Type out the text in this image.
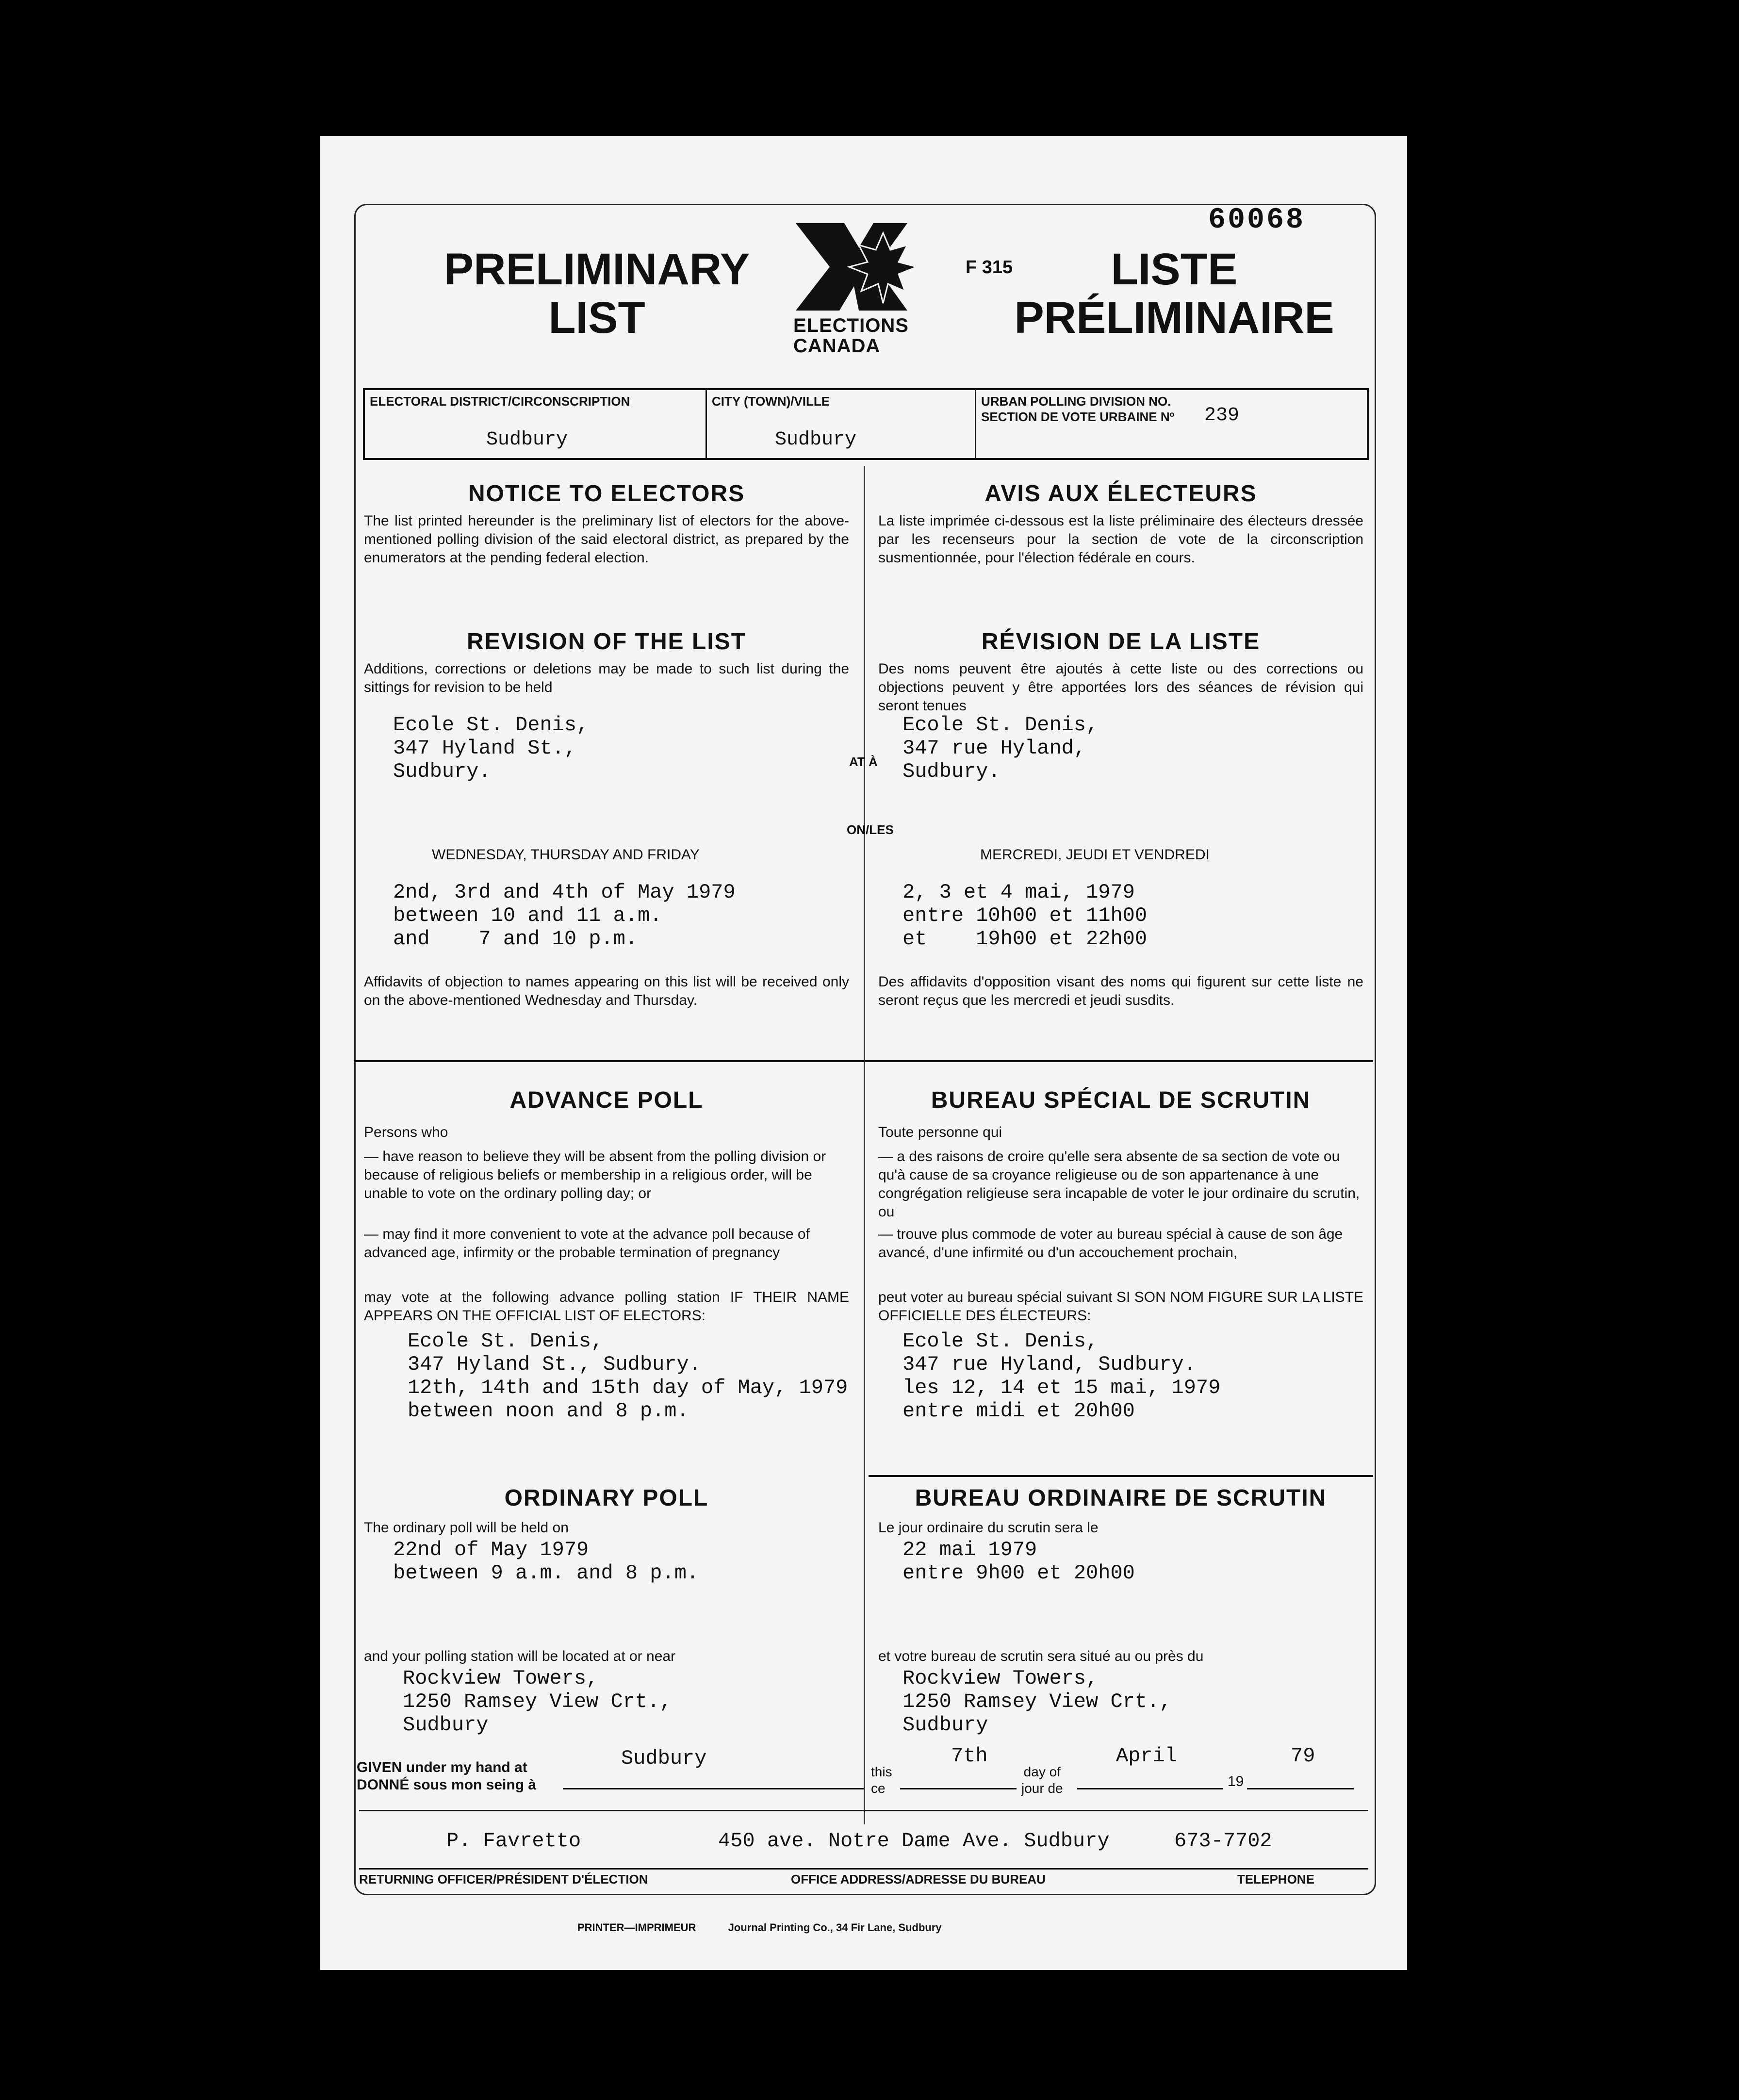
60068
PRELIMINARY
LIST	ELECTIONS
CANADA
F 315	LISTE
PRÉLIMINAIRE
ELECTORAL DISTRICT/CIRCONSCRIPTION
Sudbury
CITY (TOWN)/VILLE
Sudbury
URBAN POLLING DIVISION NO.
SECTION DE VOTE URBAINE Nº 239
NOTICE TO ELECTORS
The list printed hereunder is the preliminary list of electors for the above-mentioned polling division of the said electoral district, as prepared by the enumerators at the pending federal election.
AVIS AUX ÉLECTEURS
La liste imprimée ci-dessous est la liste préliminaire des électeurs dressée par les recenseurs pour la section de vote de la circonscription susmentionnée, pour l'élection fédérale en cours.
REVISION OF THE LIST
Additions, corrections or deletions may be made to such list during the sittings for revision to be held
RÉVISION DE LA LISTE
Des noms peuvent être ajoutés à cette liste ou des corrections ou objections peuvent y être apportées lors des séances de révision qui seront tenues
Ecole St. Denis,
347 Hyland St.,
Sudbury.	AT À
Ecole St. Denis,
347 rue Hyland,
Sudbury.
ON/LES
WEDNESDAY, THURSDAY AND FRIDAY	MERCREDI, JEUDI ET VENDREDI
2nd, 3rd and 4th of May 1979
between 10 and 11 a.m.
and    7 and 10 p.m.
2, 3 et 4 mai, 1979
entre 10h00 et 11h00
et    19h00 et 22h00
Affidavits of objection to names appearing on this list will be received only on the above-mentioned Wednesday and Thursday.
Des affidavits d'opposition visant des noms qui figurent sur cette liste ne seront reçus que les mercredi et jeudi susdits.
ADVANCE POLL	BUREAU SPÉCIAL DE SCRUTIN
Persons who	Toute personne qui
— have reason to believe they will be absent from the polling division or because of religious beliefs or membership in a religious order, will be unable to vote on the ordinary polling day; or
— may find it more convenient to vote at the advance poll because of advanced age, infirmity or the probable termination of pregnancy
— a des raisons de croire qu'elle sera absente de sa section de vote ou qu'à cause de sa croyance religieuse ou de son appartenance à une congrégation religieuse sera incapable de voter le jour ordinaire du scrutin, ou
— trouve plus commode de voter au bureau spécial à cause de son âge avancé, d'une infirmité ou d'un accouchement prochain,
may vote at the following advance polling station IF THEIR NAME APPEARS ON THE OFFICIAL LIST OF ELECTORS:
peut voter au bureau spécial suivant SI SON NOM FIGURE SUR LA LISTE OFFICIELLE DES ÉLECTEURS:
Ecole St. Denis,
347 Hyland St., Sudbury.
12th, 14th and 15th day of May, 1979
between noon and 8 p.m.
Ecole St. Denis,
347 rue Hyland, Sudbury.
les 12, 14 et 15 mai, 1979
entre midi et 20h00
ORDINARY POLL	BUREAU ORDINAIRE DE SCRUTIN
The ordinary poll will be held on	Le jour ordinaire du scrutin sera le
22nd of May 1979
between 9 a.m. and 8 p.m.
22 mai 1979
entre 9h00 et 20h00
and your polling station will be located at or near	et votre bureau de scrutin sera situé au ou près du
Rockview Towers,
1250 Ramsey View Crt.,
Sudbury
Rockview Towers,
1250 Ramsey View Crt.,
Sudbury
GIVEN under my hand at
DONNÉ sous mon seing à
Sudbury
this
ce
7th
day of
jour de
April
19
79
P. Favretto	450 ave. Notre Dame Ave. Sudbury	673-7702
RETURNING OFFICER/PRÉSIDENT D'ÉLECTION	OFFICE ADDRESS/ADRESSE DU BUREAU	TELEPHONE
PRINTER—IMPRIMEUR	Journal Printing Co., 34 Fir Lane, Sudbury
